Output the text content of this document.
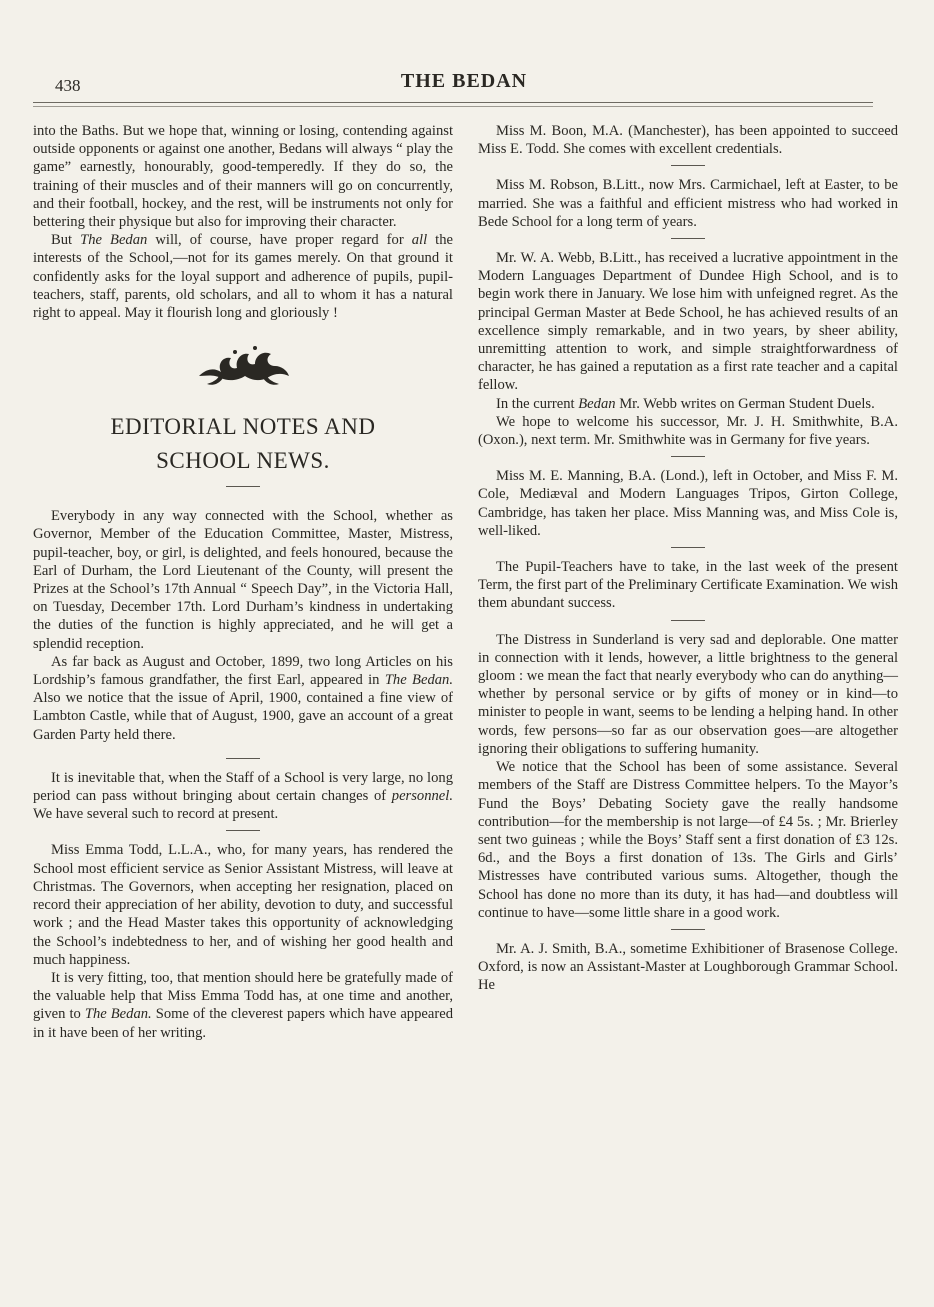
438	THE BEDAN

into the Baths. But we hope that, winning or losing, contending against outside opponents or against one another, Bedans will always “ play the game” earnestly, honourably, good-temperedly. If they do so, the training of their muscles and of their manners will go on concurrently, and their football, hockey, and the rest, will be instruments not only for bettering their physique but also for improving their character.

But The Bedan will, of course, have proper regard for all the interests of the School,—not for its games merely. On that ground it confidently asks for the loyal support and adherence of pupils, pupil-teachers, staff, parents, old scholars, and all to whom it has a natural right to appeal. May it flourish long and gloriously !

EDITORIAL NOTES AND
SCHOOL NEWS.

Everybody in any way connected with the School, whether as Governor, Member of the Education Committee, Master, Mistress, pupil-teacher, boy, or girl, is delighted, and feels honoured, because the Earl of Durham, the Lord Lieutenant of the County, will present the Prizes at the School’s 17th Annual “ Speech Day”, in the Victoria Hall, on Tuesday, December 17th. Lord Durham’s kindness in undertaking the duties of the function is highly appreciated, and he will get a splendid reception.

As far back as August and October, 1899, two long Articles on his Lordship’s famous grandfather, the first Earl, appeared in The Bedan. Also we notice that the issue of April, 1900, contained a fine view of Lambton Castle, while that of August, 1900, gave an account of a great Garden Party held there.

It is inevitable that, when the Staff of a School is very large, no long period can pass without bringing about certain changes of personnel. We have several such to record at present.

Miss Emma Todd, L.L.A., who, for many years, has rendered the School most efficient service as Senior Assistant Mistress, will leave at Christmas. The Governors, when accepting her resignation, placed on record their appreciation of her ability, devotion to duty, and successful work ; and the Head Master takes this opportunity of acknowledging the School’s indebtedness to her, and of wishing her good health and much happiness.

It is very fitting, too, that mention should here be gratefully made of the valuable help that Miss Emma Todd has, at one time and another, given to The Bedan. Some of the cleverest papers which have appeared in it have been of her writing.

Miss M. Boon, M.A. (Manchester), has been appointed to succeed Miss E. Todd. She comes with excellent credentials.

Miss M. Robson, B.Litt., now Mrs. Carmichael, left at Easter, to be married. She was a faithful and efficient mistress who had worked in Bede School for a long term of years.

Mr. W. A. Webb, B.Litt., has received a lucrative appointment in the Modern Languages Department of Dundee High School, and is to begin work there in January. We lose him with unfeigned regret. As the principal German Master at Bede School, he has achieved results of an excellence simply remarkable, and in two years, by sheer ability, unremitting attention to work, and simple straightforwardness of character, he has gained a reputation as a first rate teacher and a capital fellow.

In the current Bedan Mr. Webb writes on German Student Duels.

We hope to welcome his successor, Mr. J. H. Smithwhite, B.A. (Oxon.), next term. Mr. Smithwhite was in Germany for five years.

Miss M. E. Manning, B.A. (Lond.), left in October, and Miss F. M. Cole, Mediæval and Modern Languages Tripos, Girton College, Cambridge, has taken her place. Miss Manning was, and Miss Cole is, well-liked.

The Pupil-Teachers have to take, in the last week of the present Term, the first part of the Preliminary Certificate Examination. We wish them abundant success.

The Distress in Sunderland is very sad and deplorable. One matter in connection with it lends, however, a little brightness to the general gloom : we mean the fact that nearly everybody who can do anything—whether by personal service or by gifts of money or in kind—to minister to people in want, seems to be lending a helping hand. In other words, few persons—so far as our observation goes—are altogether ignoring their obligations to suffering humanity.

We notice that the School has been of some assistance. Several members of the Staff are Distress Committee helpers. To the Mayor’s Fund the Boys’ Debating Society gave the really handsome contribution—for the membership is not large—of £4 5s. ; Mr. Brierley sent two guineas ; while the Boys’ Staff sent a first donation of £3 12s. 6d., and the Boys a first donation of 13s. The Girls and Girls’ Mistresses have contributed various sums. Altogether, though the School has done no more than its duty, it has had—and doubtless will continue to have—some little share in a good work.

Mr. A. J. Smith, B.A., sometime Exhibitioner of Brasenose College. Oxford, is now an Assistant-Master at Loughborough Grammar School. He
